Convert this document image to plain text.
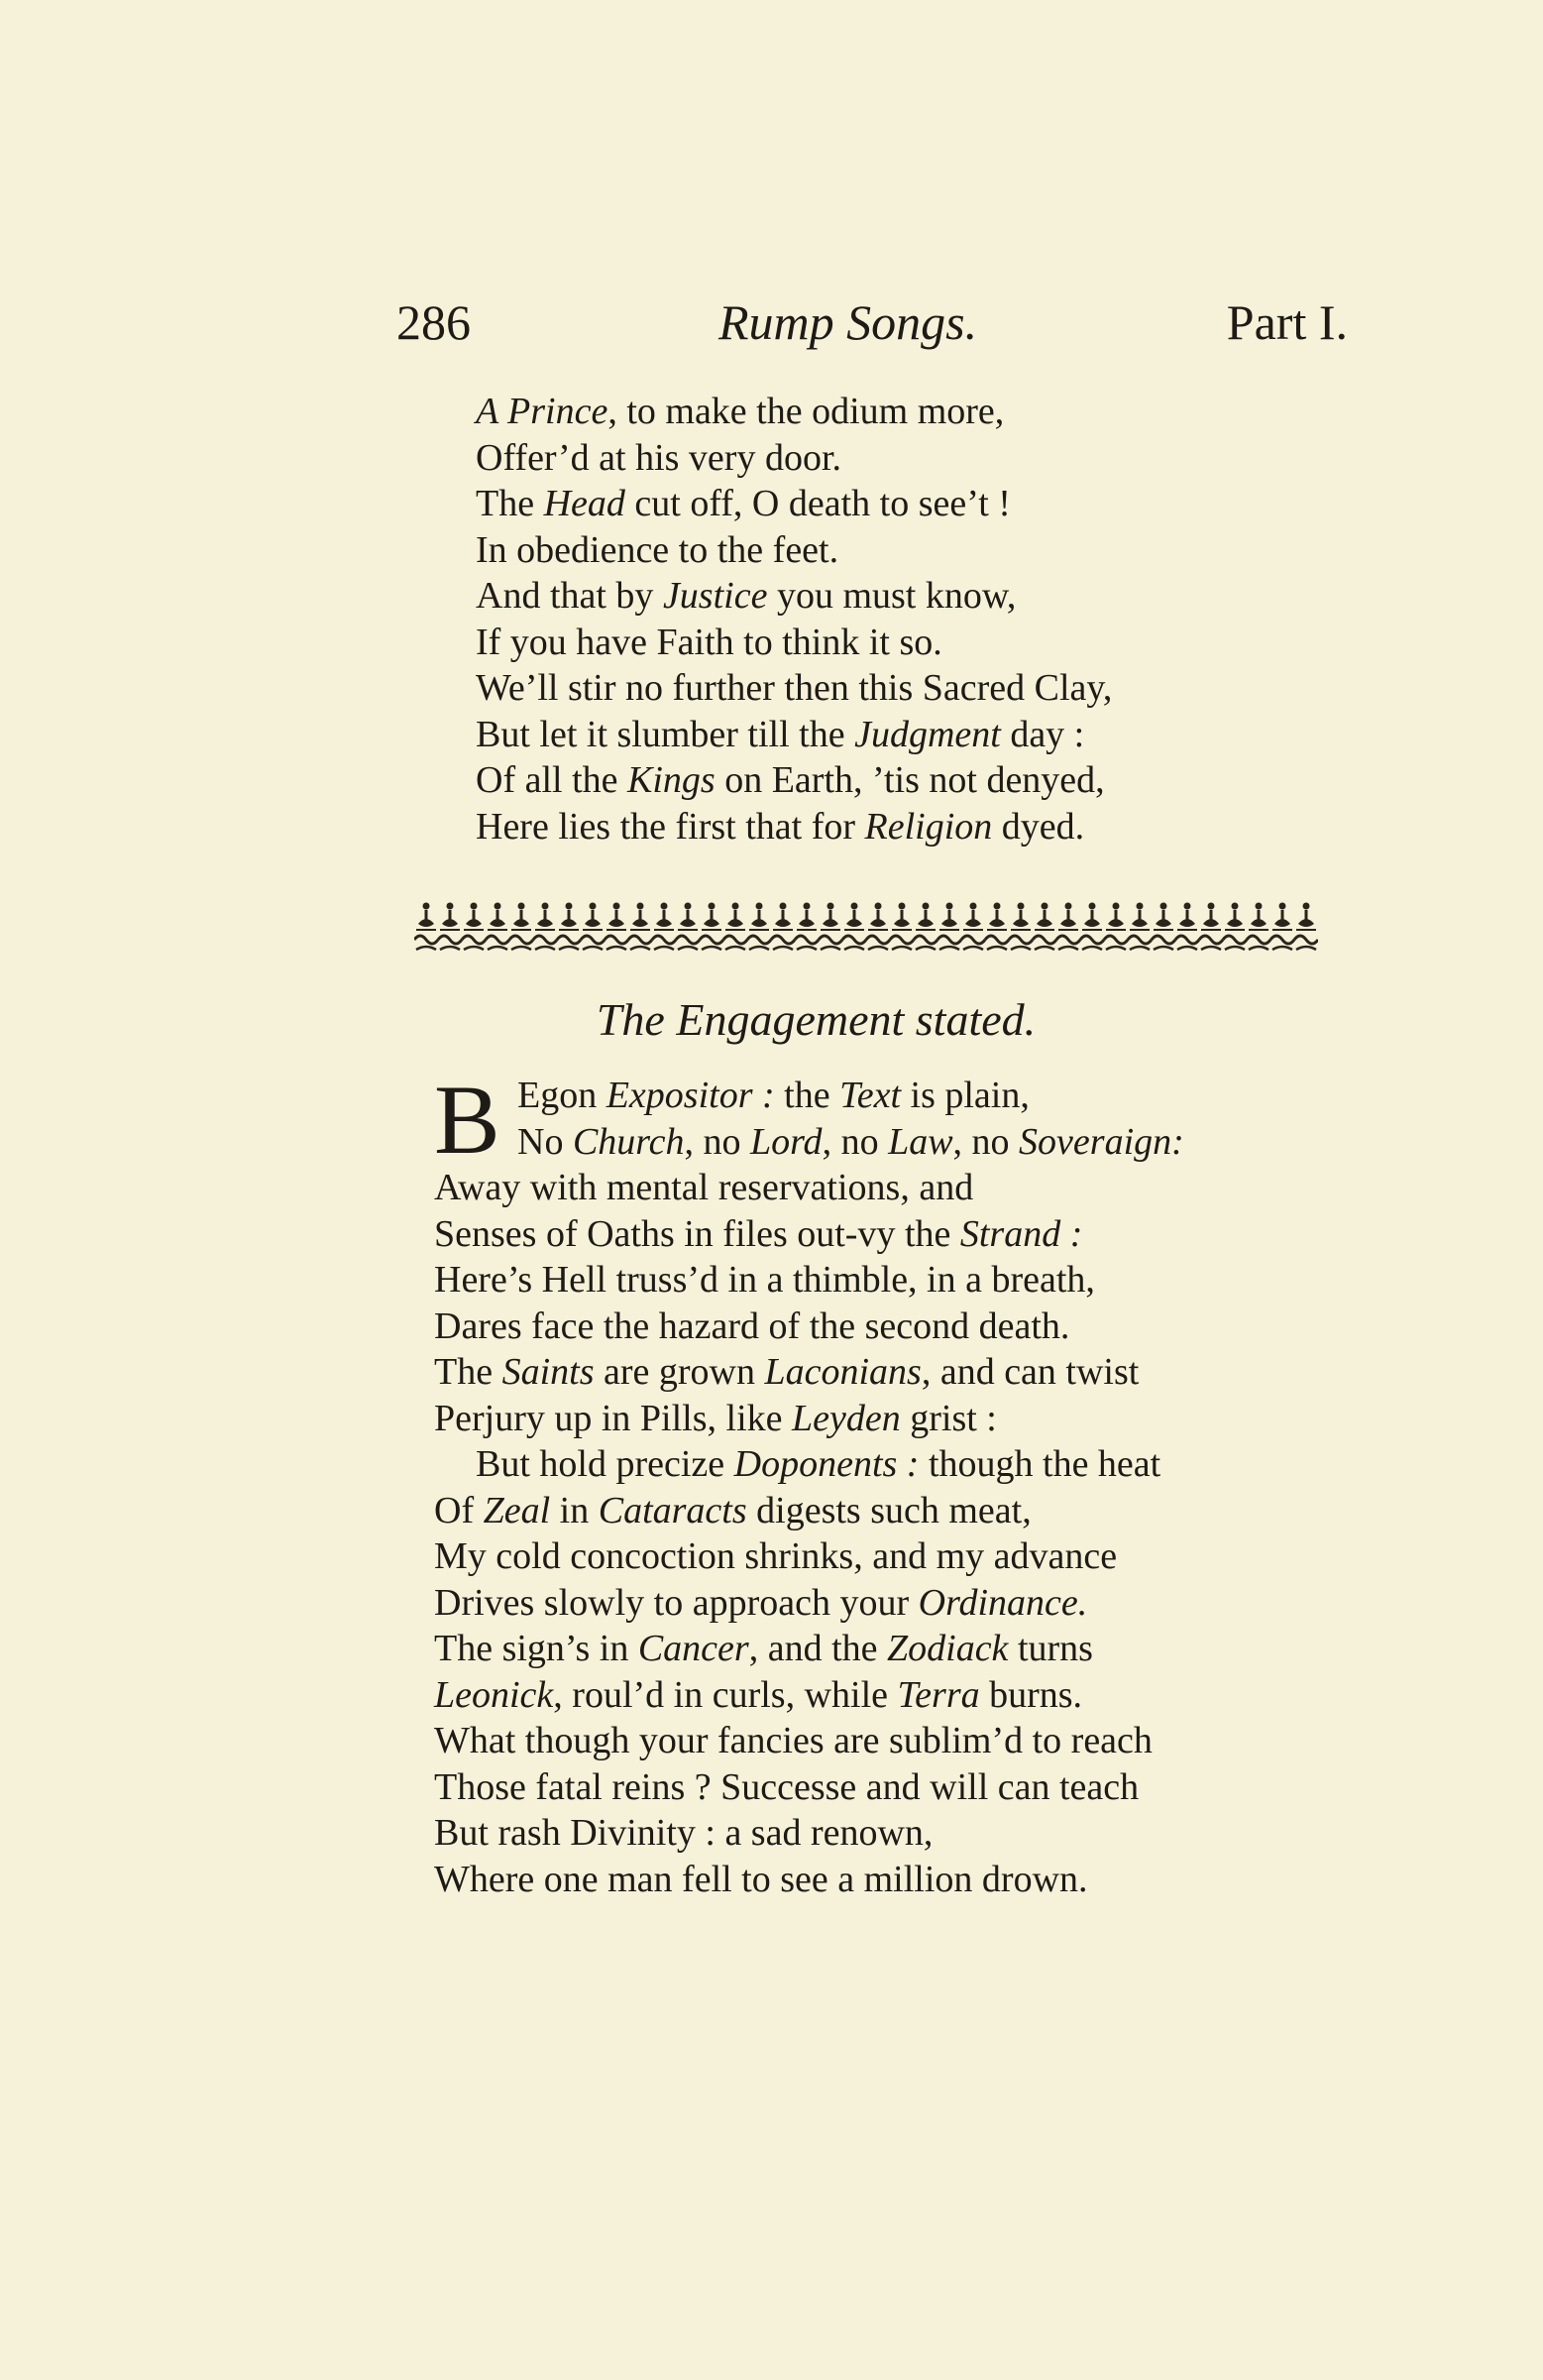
286	Rump Songs.	Part I.
A Prince, to make the odium more,
Offer’d at his very door.
The Head cut off, O death to see’t !
In obedience to the feet.
And that by Justice you must know,
If you have Faith to think it so.
We’ll stir no further then this Sacred Clay,
But let it slumber till the Judgment day :
Of all the Kings on Earth, ’tis not denyed,
Here lies the first that for Religion dyed.
The Engagement stated.
B Egon Expositor : the Text is plain,
No Church, no Lord, no Law, no Soveraign:
Away with mental reservations, and
Senses of Oaths in files out-vy the Strand :
Here’s Hell truss’d in a thimble, in a breath,
Dares face the hazard of the second death.
The Saints are grown Laconians, and can twist
Perjury up in Pills, like Leyden grist :
But hold precize Doponents : though the heat
Of Zeal in Cataracts digests such meat,
My cold concoction shrinks, and my advance
Drives slowly to approach your Ordinance.
The sign’s in Cancer, and the Zodiack turns
Leonick, roul’d in curls, while Terra burns.
What though your fancies are sublim’d to reach
Those fatal reins ? Successe and will can teach
But rash Divinity : a sad renown,
Where one man fell to see a million drown.
